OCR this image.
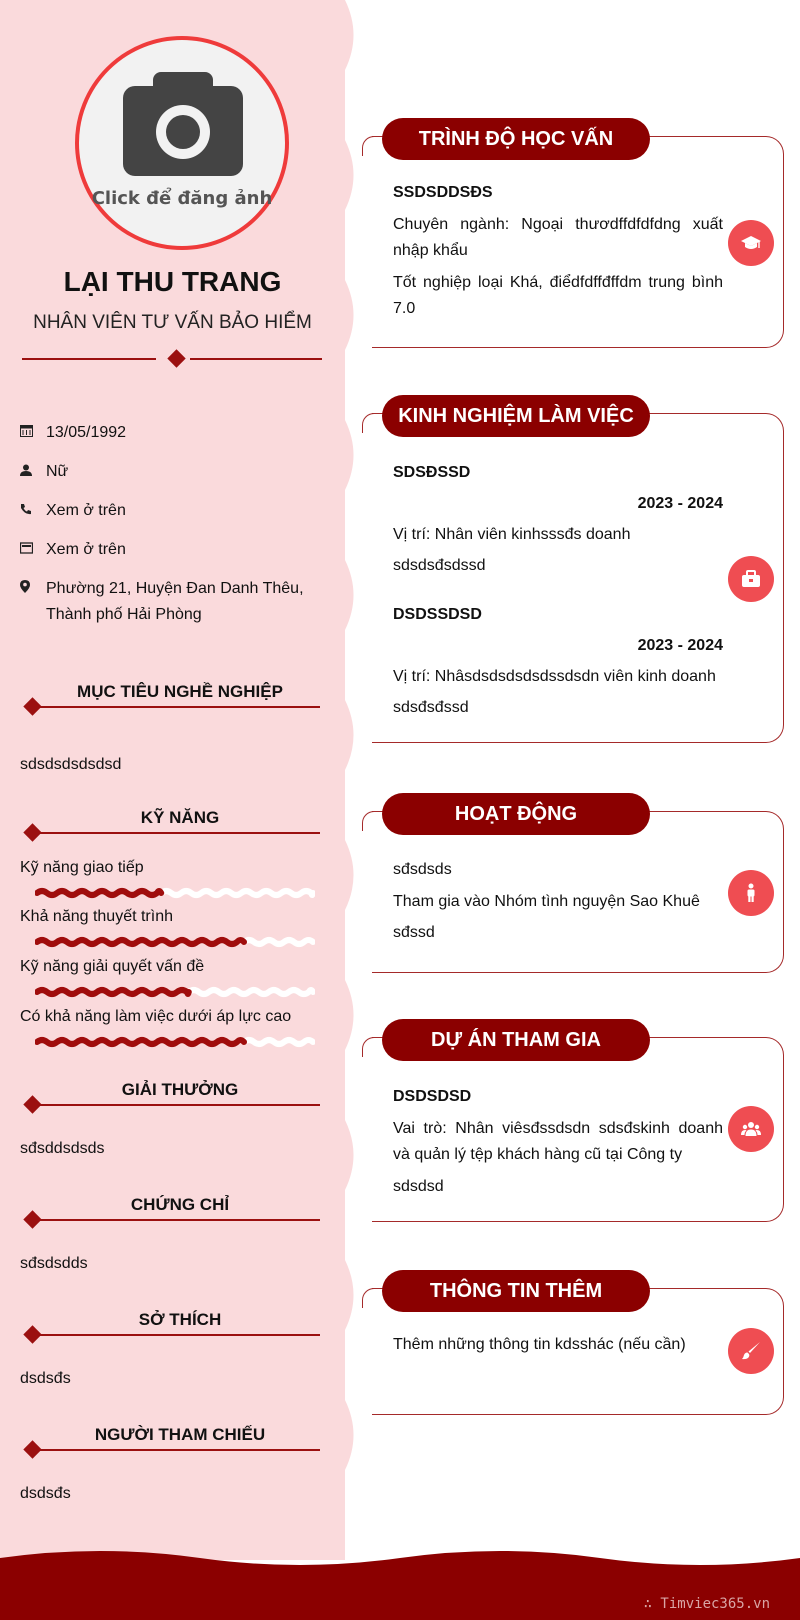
Click để đăng ảnh
LẠI THU TRANG
NHÂN VIÊN TƯ VẤN BẢO HIỂM
13/05/1992
Nữ
Xem ở trên
Xem ở trên
Phường 21, Huyện Đan Danh Thêu, Thành phố Hải Phòng
MỤC TIÊU NGHỀ NGHIỆP
sdsdsdsdsdsd
KỸ NĂNG
Kỹ năng giao tiếp
Khả năng thuyết trình
Kỹ năng giải quyết vấn đề
Có khả năng làm việc dưới áp lực cao
GIẢI THƯỞNG
sđsddsdsds
CHỨNG CHỈ
sđsdsdds
SỞ THÍCH
dsdsđs
NGƯỜI THAM CHIẾU
dsdsđs
TRÌNH ĐỘ HỌC VẤN
SSDSDDSĐS
Chuyên ngành: Ngoại thươdffdfdfdng xuất nhập khẩu
Tốt nghiệp loại Khá, điểdfdffđffdm trung bình 7.0
KINH NGHIỆM LÀM VIỆC
SDSĐSSD
2023 - 2024
Vị trí: Nhân viên kinhsssđs doanh
sdsdsđsdssd
DSDSSDSD
2023 - 2024
Vị trí: Nhâsdsdsdsdsdssdsdn viên kinh doanh
sdsđsđssd
HOẠT ĐỘNG
sđsdsds
Tham gia vào Nhóm tình nguyện Sao Khuê
sđssd
DỰ ÁN THAM GIA
DSDSDSD
Vai trò: Nhân viêsđssdsdn sdsđskinh doanh và quản lý tệp khách hàng cũ tại Công ty
sdsdsd
THÔNG TIN THÊM
Thêm những thông tin kdsshác (nếu cần)
∴ Timviec365.vn
